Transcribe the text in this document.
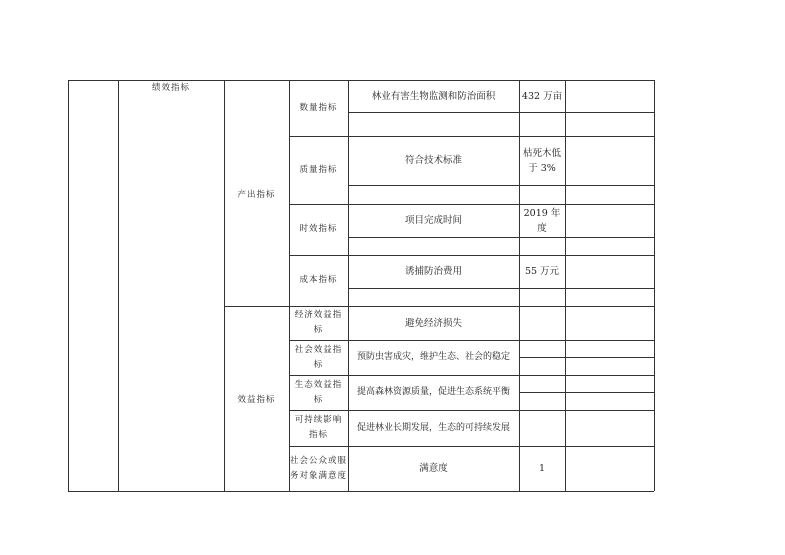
绩效指标
产出指标
效益指标
数量指标
质量指标
时效指标
成本指标
林业有害生物监测和防治面积
符合技术标准
项目完成时间
诱捕防治费用
432 万亩
枯死木低于 3%
2019 年度
55 万元
经济效益指标
社会效益指标
生态效益指标
可持续影响指标
社会公众或服务对象满意度
避免经济损失
预防虫害成灾，维护生态、社会的稳定
提高森林资源质量，促进生态系统平衡
促进林业长期发展，生态的可持续发展
满意度	1
